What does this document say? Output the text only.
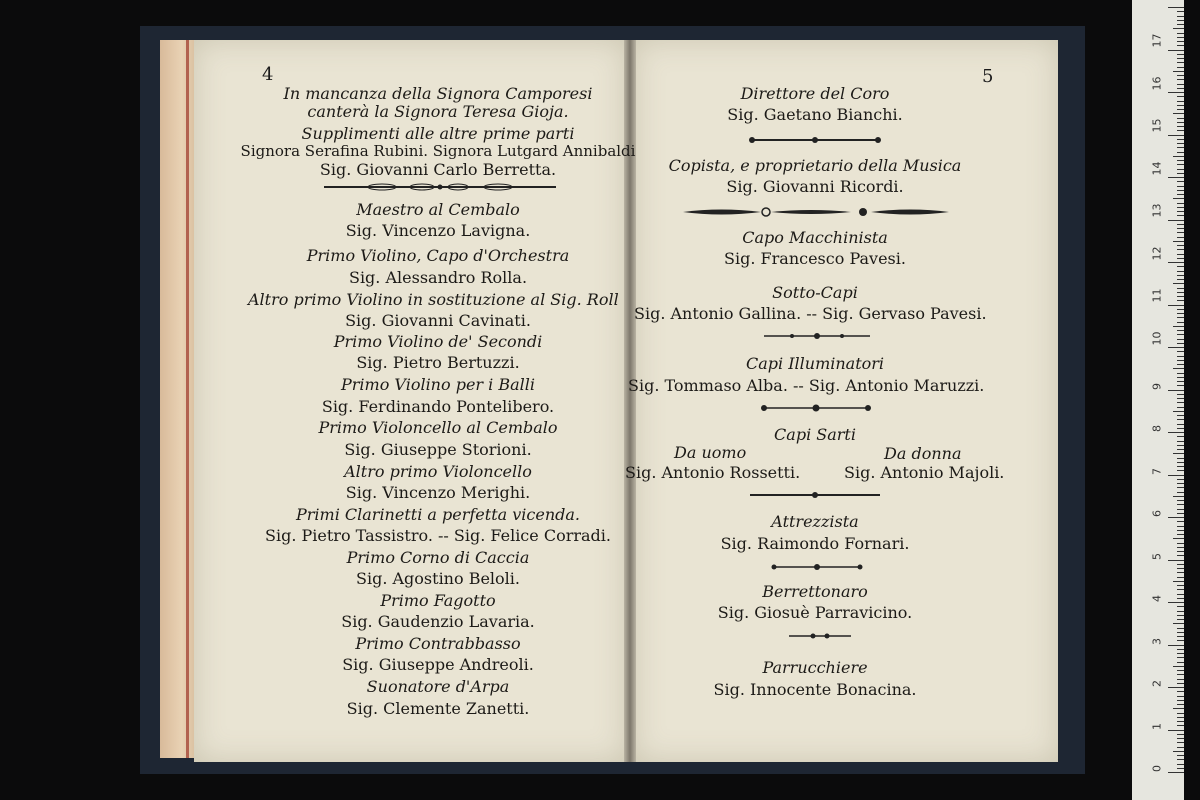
4
In mancanza della Signora Camporesi
canterà la Signora Teresa Gioja.
Supplimenti alle altre prime parti
Signora Serafina Rubini. Signora Lutgard Annibaldi
Sig. Giovanni Carlo Berretta.
Maestro al Cembalo
Sig. Vincenzo Lavigna.
Primo Violino, Capo d'Orchestra
Sig. Alessandro Rolla.
Altro primo Violino in sostituzione al Sig. Roll
Sig. Giovanni Cavinati.
Primo Violino de' Secondi
Sig. Pietro Bertuzzi.
Primo Violino per i Balli
Sig. Ferdinando Pontelibero.
Primo Violoncello al Cembalo
Sig. Giuseppe Storioni.
Altro primo Violoncello
Sig. Vincenzo Merighi.
Primi Clarinetti a perfetta vicenda.
Sig. Pietro Tassistro. -- Sig. Felice Corradi.
Primo Corno di Caccia
Sig. Agostino Beloli.
Primo Fagotto
Sig. Gaudenzio Lavaria.
Primo Contrabbasso
Sig. Giuseppe Andreoli.
Suonatore d'Arpa
Sig. Clemente Zanetti.
5
Direttore del Coro
Sig. Gaetano Bianchi.
Copista, e proprietario della Musica
Sig. Giovanni Ricordi.
Capo Macchinista
Sig. Francesco Pavesi.
Sotto-Capi
Sig. Antonio Gallina. -- Sig. Gervaso Pavesi.
Capi Illuminatori
Sig. Tommaso Alba. -- Sig. Antonio Maruzzi.
Capi Sarti
Da uomo	Da donna
Sig. Antonio Rossetti.	Sig. Antonio Majoli.
Attrezzista
Sig. Raimondo Fornari.
Berrettonaro
Sig. Giosuè Parravicino.
Parrucchiere
Sig. Innocente Bonacina.
0
1
2
3
4
5
6
7
8
9
10
11
12
13
14
15
16
17
